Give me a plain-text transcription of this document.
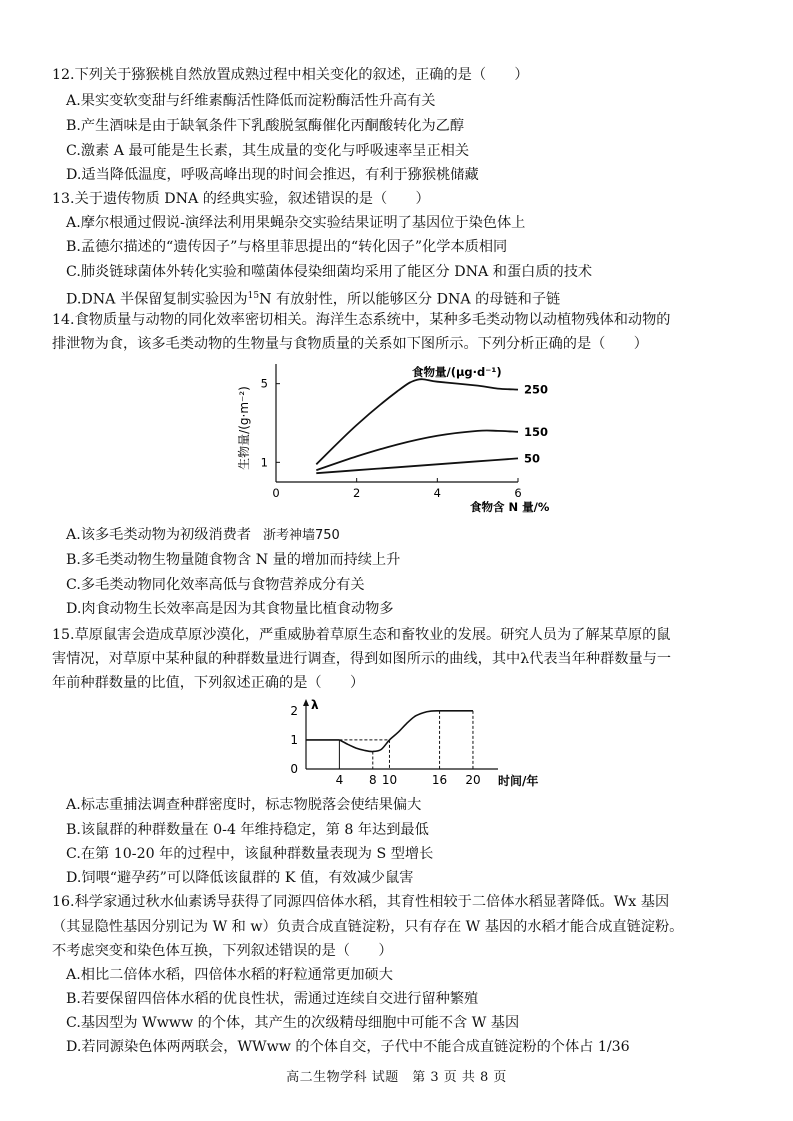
12.下列关于猕猴桃自然放置成熟过程中相关变化的叙述，正确的是（　　）
A.果实变软变甜与纤维素酶活性降低而淀粉酶活性升高有关
B.产生酒味是由于缺氧条件下乳酸脱氢酶催化丙酮酸转化为乙醇
C.激素 A 最可能是生长素，其生成量的变化与呼吸速率呈正相关
D.适当降低温度，呼吸高峰出现的时间会推迟，有利于猕猴桃储藏
13.关于遗传物质 DNA 的经典实验，叙述错误的是（　　）
A.摩尔根通过假说-演绎法利用果蝇杂交实验结果证明了基因位于染色体上
B.孟德尔描述的“遗传因子”与格里菲思提出的“转化因子”化学本质相同
C.肺炎链球菌体外转化实验和噬菌体侵染细菌均采用了能区分 DNA 和蛋白质的技术
D.DNA 半保留复制实验因为$^{15}$N 有放射性，所以能够区分 DNA 的母链和子链
14.食物质量与动物的同化效率密切相关。海洋生态系统中，某种多毛类动物以动植物残体和动物的
排泄物为食，该多毛类动物的生物量与食物质量的关系如下图所示。下列分析正确的是（　　）
生物量/(g·m⁻²)
食物量/(μg·d⁻¹)
食物含 N 量/%
0	2	4	6
1
5	250
150
50
A.该多毛类动物为初级消费者 浙考神墙750
B.多毛类动物生物量随食物含 N 量的增加而持续上升
C.多毛类动物同化效率高低与食物营养成分有关
D.肉食动物生长效率高是因为其食物量比植食动物多
15.草原鼠害会造成草原沙漠化，严重威胁着草原生态和畜牧业的发展。研究人员为了解某草原的鼠
害情况，对草原中某种鼠的种群数量进行调查，得到如图所示的曲线，其中λ代表当年种群数量与一
年前种群数量的比值，下列叙述正确的是（　　）
λ
时间/年
0
1
2
4 8 10	16 20
A.标志重捕法调查种群密度时，标志物脱落会使结果偏大
B.该鼠群的种群数量在 0-4 年维持稳定，第 8 年达到最低
C.在第 10-20 年的过程中，该鼠种群数量表现为 S 型增长
D.饲喂“避孕药”可以降低该鼠群的 K 值，有效减少鼠害
16.科学家通过秋水仙素诱导获得了同源四倍体水稻，其育性相较于二倍体水稻显著降低。Wx 基因
（其显隐性基因分别记为 W 和 w）负责合成直链淀粉，只有存在 W 基因的水稻才能合成直链淀粉。
不考虑突变和染色体互换，下列叙述错误的是（　　）
A.相比二倍体水稻，四倍体水稻的籽粒通常更加硕大
B.若要保留四倍体水稻的优良性状，需通过连续自交进行留种繁殖
C.基因型为 Wwww 的个体，其产生的次级精母细胞中可能不含 W 基因
D.若同源染色体两两联会，WWww 的个体自交，子代中不能合成直链淀粉的个体占 1/36
高二生物学科 试题　第 3 页 共 8 页
